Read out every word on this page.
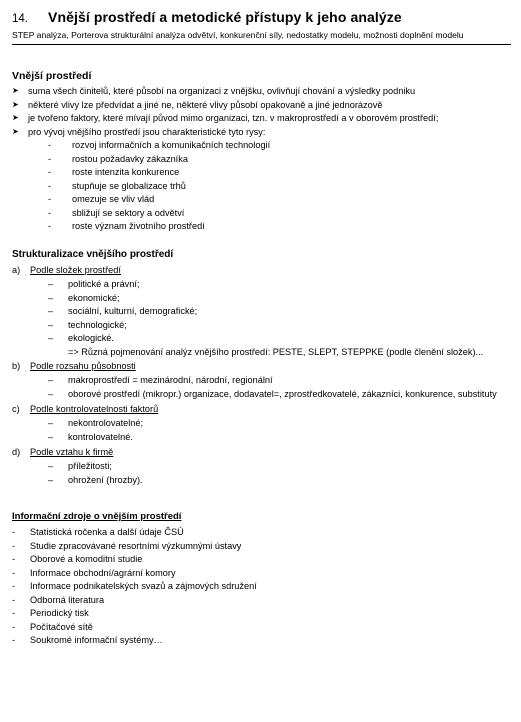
14. Vnější prostředí a metodické přístupy k jeho analýze
STEP analýza, Porterova strukturální analýza odvětví, konkurenční síly, nedostatky modelu, možnosti doplnění modelu
Vnější prostředí
➤	suma všech činitelů, které působí na organizaci z vnějšku, ovlivňují chování a výsledky podniku
➤	některé vlivy lze předvídat a jiné ne, některé vlivy působí opakovaně a jiné jednorázově
➤	je tvořeno faktory, které mívají původ mimo organizaci, tzn. v makroprostředí a v oborovém prostředí;
➤	pro vývoj vnějšího prostředí jsou charakteristické tyto rysy:
-	rozvoj informačních a komunikačních technologií
-	rostou požadavky zákazníka
-	roste intenzita konkurence
-	stupňuje se globalizace trhů
-	omezuje se vliv vlád
-	sbližují se sektory a odvětví
-	roste význam životního prostředí
Strukturalizace vnějšího prostředí
a)	Podle složek prostředí
–	politické a právní;
–	ekonomické;
–	sociální, kulturní, demografické;
–	technologické;
–	ekologické.
=> Různá pojmenování analýz vnějšího prostředí: PESTE, SLEPT, STEPPKE (podle členění složek)...
b)	Podle rozsahu působnosti
–	makroprostředí = mezinárodní, národní, regionální
–	oborové prostředí (mikropr.) organizace, dodavatel=, zprostředkovatelé, zákazníci, konkurence, substituty
c)	Podle kontrolovatelnosti faktorů
–	nekontrolovatelné;
–	kontrolovatelné.
d)	Podle vztahu k firmě
–	příležitosti;
–	ohrožení (hrozby).
Informační zdroje o vnějším prostředí
-	Statistická ročenka a další údaje ČSÚ
-	Studie zpracovávané resortními výzkumnými ústavy
-	Oborové a komoditní studie
-	Informace obchodní/agrární komory
-	Informace podnikatelských svazů a zájmových sdružení
-	Odborná literatura
-	Periodický tisk
-	Počítačové sítě
-	Soukromé informační systémy…
